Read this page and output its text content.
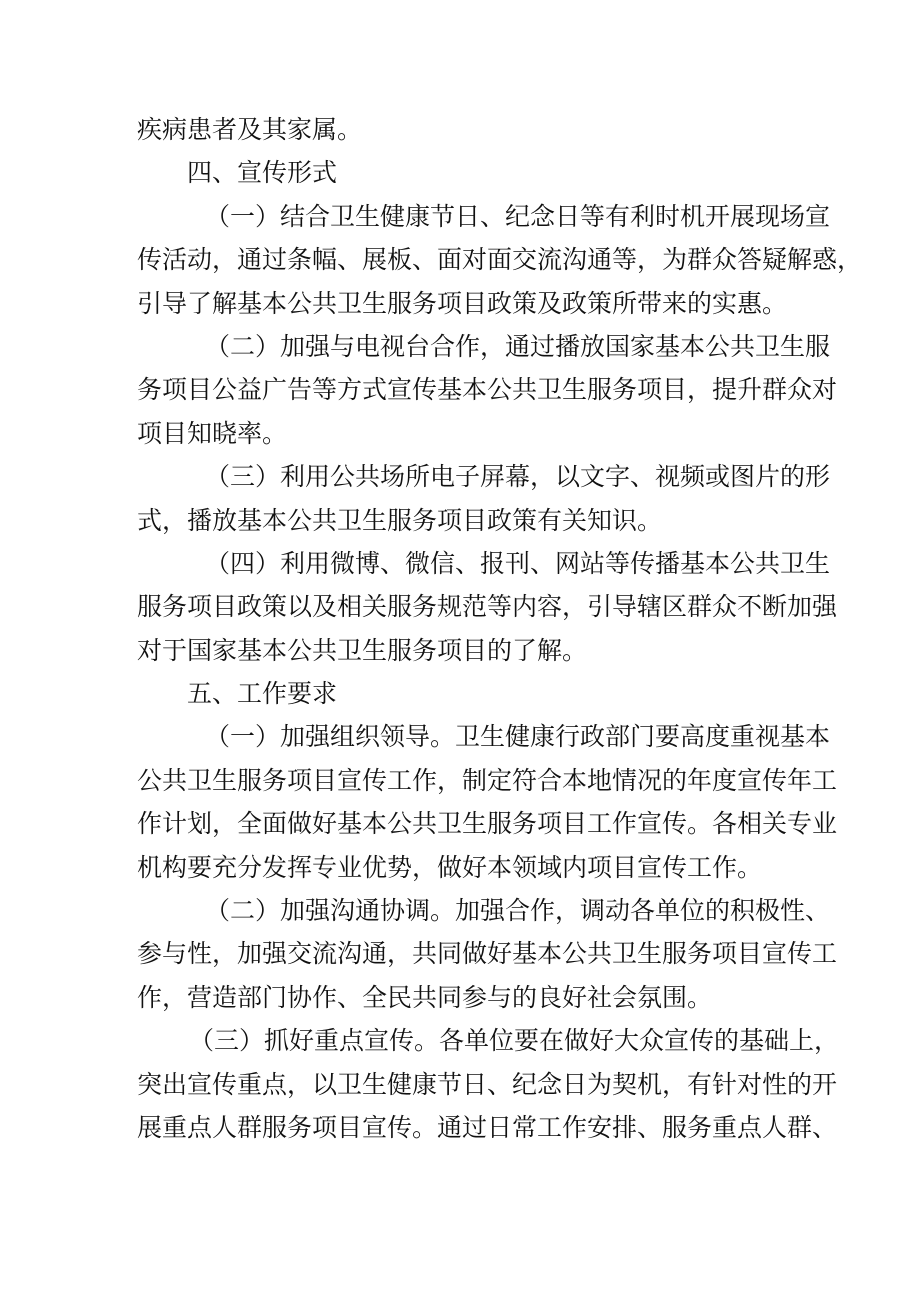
疾病患者及其家属。
四、宣传形式
（一）结合卫生健康节日、纪念日等有利时机开展现场宣
传活动，通过条幅、展板、面对面交流沟通等，为群众答疑解惑，
引导了解基本公共卫生服务项目政策及政策所带来的实惠。
（二）加强与电视台合作，通过播放国家基本公共卫生服
务项目公益广告等方式宣传基本公共卫生服务项目，提升群众对
项目知晓率。
（三）利用公共场所电子屏幕，以文字、视频或图片的形
式，播放基本公共卫生服务项目政策有关知识。
（四）利用微博、微信、报刊、网站等传播基本公共卫生
服务项目政策以及相关服务规范等内容，引导辖区群众不断加强
对于国家基本公共卫生服务项目的了解。
五、工作要求
（一）加强组织领导。卫生健康行政部门要高度重视基本
公共卫生服务项目宣传工作，制定符合本地情况的年度宣传年工
作计划，全面做好基本公共卫生服务项目工作宣传。各相关专业
机构要充分发挥专业优势，做好本领域内项目宣传工作。
（二）加强沟通协调。加强合作，调动各单位的积极性、
参与性，加强交流沟通，共同做好基本公共卫生服务项目宣传工
作，营造部门协作、全民共同参与的良好社会氛围。
（三）抓好重点宣传。各单位要在做好大众宣传的基础上，
突出宣传重点，以卫生健康节日、纪念日为契机，有针对性的开
展重点人群服务项目宣传。通过日常工作安排、服务重点人群、
